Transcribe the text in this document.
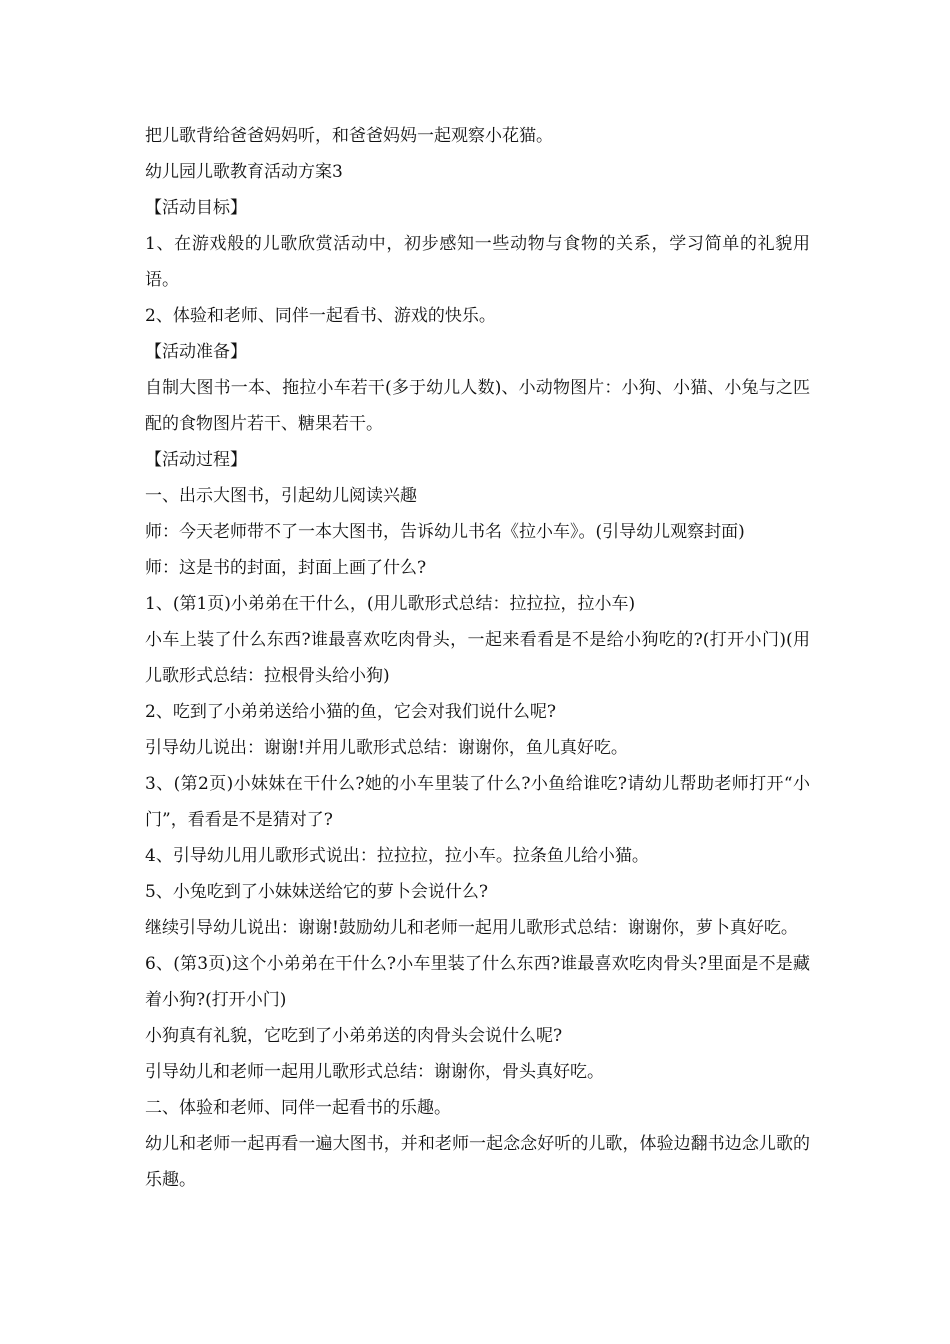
把儿歌背给爸爸妈妈听，和爸爸妈妈一起观察小花猫。

幼儿园儿歌教育活动方案3

【活动目标】

1、在游戏般的儿歌欣赏活动中，初步感知一些动物与食物的关系，学习简单的礼貌用语。

2、体验和老师、同伴一起看书、游戏的快乐。

【活动准备】

自制大图书一本、拖拉小车若干(多于幼儿人数)、小动物图片：小狗、小猫、小兔与之匹配的食物图片若干、糖果若干。

【活动过程】

一、出示大图书，引起幼儿阅读兴趣

师：今天老师带不了一本大图书，告诉幼儿书名《拉小车》。(引导幼儿观察封面)

师：这是书的封面，封面上画了什么?

1、(第1页)小弟弟在干什么，(用儿歌形式总结：拉拉拉，拉小车)

小车上装了什么东西?谁最喜欢吃肉骨头，一起来看看是不是给小狗吃的?(打开小门)(用儿歌形式总结：拉根骨头给小狗)

2、吃到了小弟弟送给小猫的鱼，它会对我们说什么呢?

引导幼儿说出：谢谢!并用儿歌形式总结：谢谢你，鱼儿真好吃。

3、(第2页)小妹妹在干什么?她的小车里装了什么?小鱼给谁吃?请幼儿帮助老师打开“小门”，看看是不是猜对了?

4、引导幼儿用儿歌形式说出：拉拉拉，拉小车。拉条鱼儿给小猫。

5、小兔吃到了小妹妹送给它的萝卜会说什么?

继续引导幼儿说出：谢谢!鼓励幼儿和老师一起用儿歌形式总结：谢谢你，萝卜真好吃。

6、(第3页)这个小弟弟在干什么?小车里装了什么东西?谁最喜欢吃肉骨头?里面是不是藏着小狗?(打开小门)

小狗真有礼貌，它吃到了小弟弟送的肉骨头会说什么呢?

引导幼儿和老师一起用儿歌形式总结：谢谢你，骨头真好吃。

二、体验和老师、同伴一起看书的乐趣。

幼儿和老师一起再看一遍大图书，并和老师一起念念好听的儿歌，体验边翻书边念儿歌的乐趣。
